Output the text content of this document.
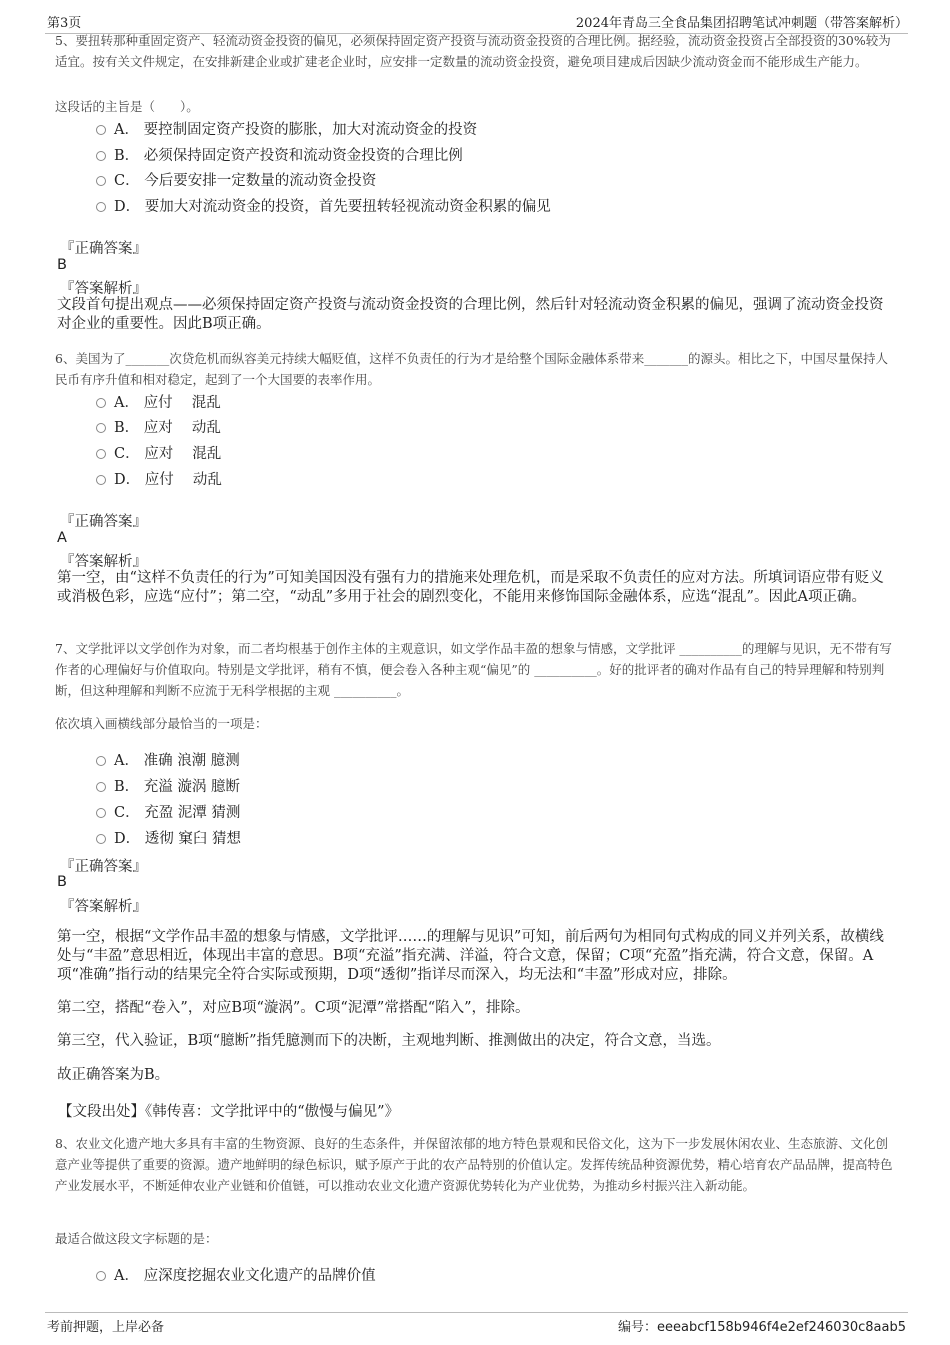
第3页	2024年青岛三全食品集团招聘笔试冲刺题（带答案解析）
5、要扭转那种重固定资产、轻流动资金投资的偏见，必须保持固定资产投资与流动资金投资的合理比例。据经验，流动资金投资占全部投资的30%较为适宜。按有关文件规定，在安排新建企业或扩建老企业时，应安排一定数量的流动资金投资，避免项目建成后因缺少流动资金而不能形成生产能力。
这段话的主旨是（　　）。
A． 要控制固定资产投资的膨胀，加大对流动资金的投资
B． 必须保持固定资产投资和流动资金投资的合理比例
C． 今后要安排一定数量的流动资金投资
D． 要加大对流动资金的投资，首先要扭转轻视流动资金积累的偏见
『正确答案』
B
『答案解析』
文段首句提出观点——必须保持固定资产投资与流动资金投资的合理比例，然后针对轻流动资金积累的偏见，强调了流动资金投资对企业的重要性。因此B项正确。
6、美国为了_______次贷危机而纵容美元持续大幅贬值，这样不负责任的行为才是给整个国际金融体系带来_______的源头。相比之下，中国尽量保持人民币有序升值和相对稳定，起到了一个大国要的表率作用。
A． 应付　 混乱
B． 应对　 动乱
C． 应对　 混乱
D． 应付　 动乱
『正确答案』
A
『答案解析』
第一空，由“这样不负责任的行为”可知美国因没有强有力的措施来处理危机，而是采取不负责任的应对方法。所填词语应带有贬义或消极色彩，应选“应付”；第二空，“动乱”多用于社会的剧烈变化，不能用来修饰国际金融体系，应选“混乱”。因此A项正确。
7、文学批评以文学创作为对象，而二者均根基于创作主体的主观意识，如文学作品丰盈的想象与情感，文学批评 __________的理解与见识，无不带有写作者的心理偏好与价值取向。特别是文学批评，稍有不慎，便会卷入各种主观“偏见”的 __________。好的批评者的确对作品有自己的特异理解和特别判断，但这种理解和判断不应流于无科学根据的主观 __________。
依次填入画横线部分最恰当的一项是：
A． 准确 浪潮 臆测
B． 充溢 漩涡 臆断
C． 充盈 泥潭 猜测
D． 透彻 窠臼 猜想
『正确答案』
B
『答案解析』
第一空，根据“文学作品丰盈的想象与情感，文学批评……的理解与见识”可知，前后两句为相同句式构成的同义并列关系，故横线处与“丰盈”意思相近，体现出丰富的意思。B项“充溢”指充满、洋溢，符合文意，保留；C项“充盈”指充满，符合文意，保留。A项“准确”指行动的结果完全符合实际或预期，D项“透彻”指详尽而深入，均无法和“丰盈”形成对应，排除。
第二空，搭配“卷入”，对应B项“漩涡”。C项“泥潭”常搭配“陷入”，排除。
第三空，代入验证，B项“臆断”指凭臆测而下的决断，主观地判断、推测做出的决定，符合文意，当选。
故正确答案为B。
【文段出处】《韩传喜：文学批评中的“傲慢与偏见”》
8、农业文化遗产地大多具有丰富的生物资源、良好的生态条件，并保留浓郁的地方特色景观和民俗文化，这为下一步发展休闲农业、生态旅游、文化创意产业等提供了重要的资源。遗产地鲜明的绿色标识，赋予原产于此的农产品特别的价值认定。发挥传统品种资源优势，精心培育农产品品牌，提高特色产业发展水平，不断延伸农业产业链和价值链，可以推动农业文化遗产资源优势转化为产业优势，为推动乡村振兴注入新动能。
最适合做这段文字标题的是：
A． 应深度挖掘农业文化遗产的品牌价值
考前押题，上岸必备	编号：eeeabcf158b946f4e2ef246030c8aab5
